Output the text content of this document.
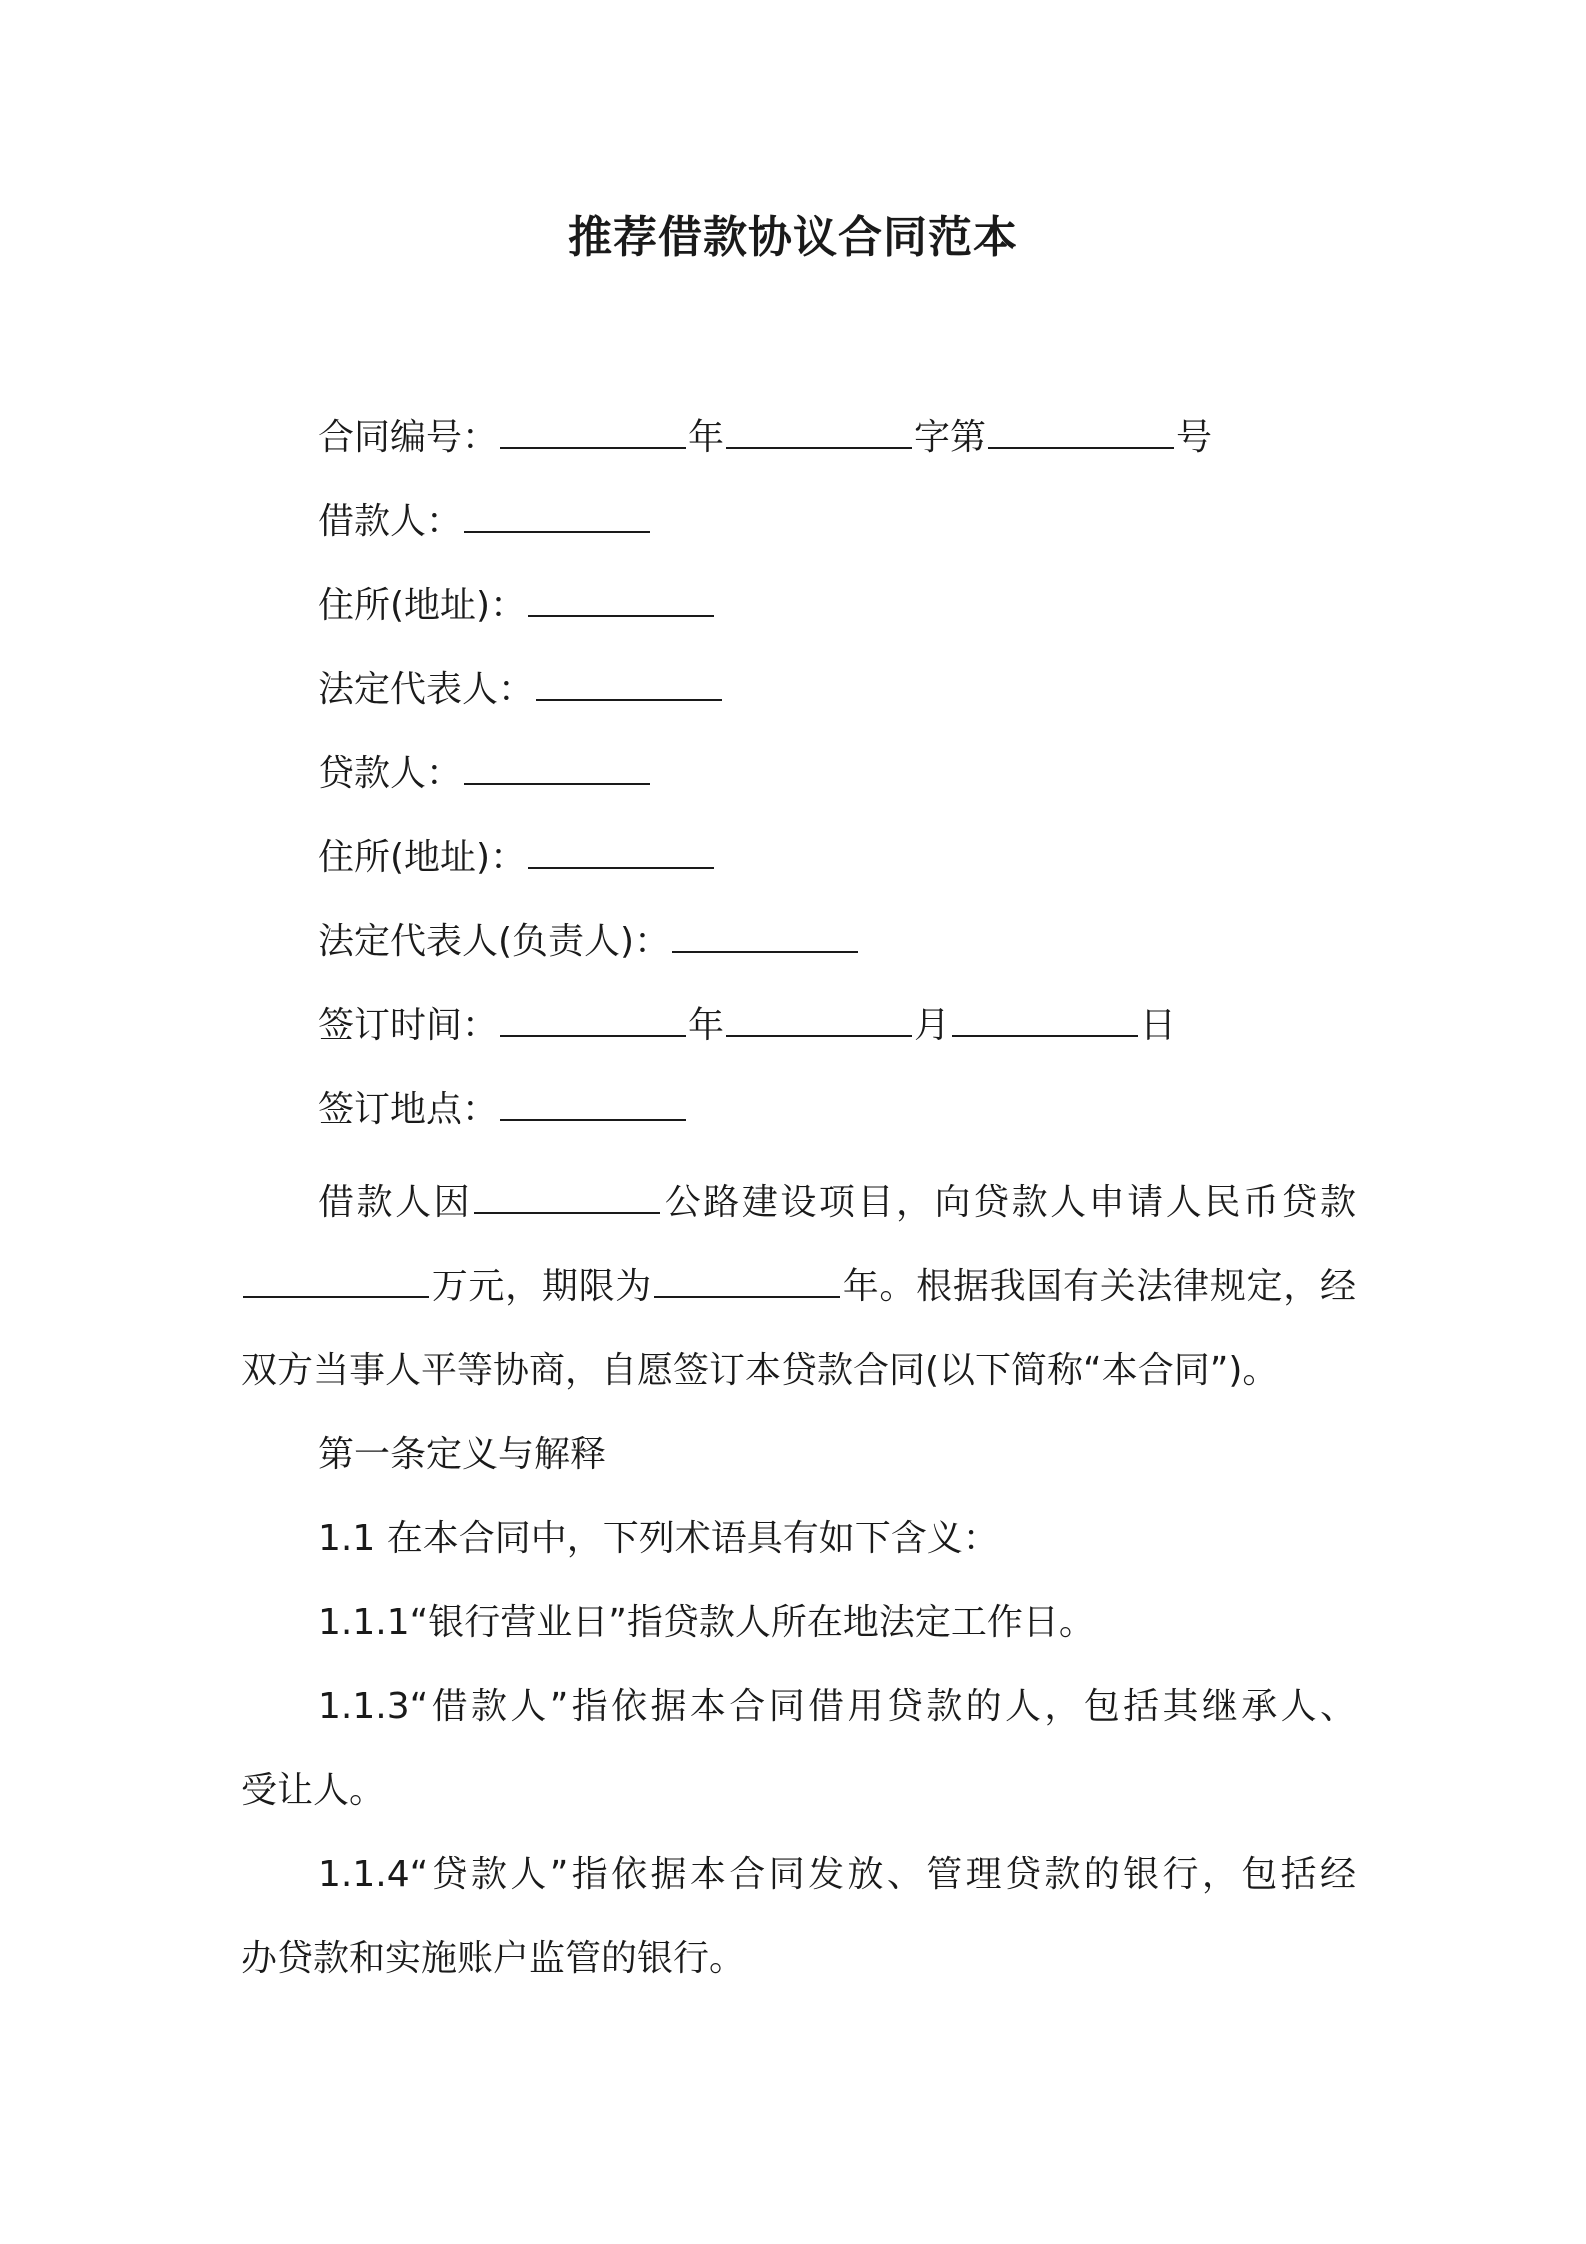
推荐借款协议合同范本
合同编号：	年	字第	号
借款人：
住所(地址)：
法定代表人：
贷款人：
住所(地址)：
法定代表人(负责人)：
签订时间：	年	月	日
签订地点：
借款人因	公路建设项目，向贷款人申请人民币贷款
万元，期限为	年。根据我国有关法律规定，经
双方当事人平等协商，自愿签订本贷款合同(以下简称“本合同”)。
第一条定义与解释
1.1 在本合同中，下列术语具有如下含义：
1.1.1“银行营业日”指贷款人所在地法定工作日。
1.1.3“借款人”指依据本合同借用贷款的人，包括其继承人、
受让人。
1.1.4“贷款人”指依据本合同发放、管理贷款的银行，包括经
办贷款和实施账户监管的银行。
